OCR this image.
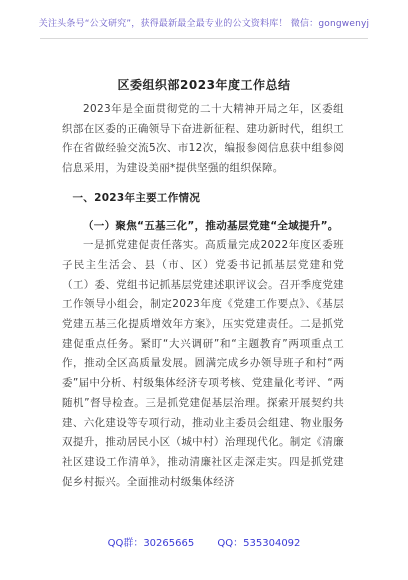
关注头条号“公文研究”，获得最新最全最专业的公文资料库！ 微信：gongwenyj
区委组织部2023年度工作总结

2023年是全面贯彻党的二十大精神开局之年，区委组织部在区委的正确领导下奋进新征程、建功新时代，组织工作在省做经验交流5次、市12次，编报参阅信息获中组参阅信息采用，为建设美丽*提供坚强的组织保障。

一、2023年主要工作情况

（一）聚焦“五基三化”，推动基层党建“全域提升”。

一是抓党建促责任落实。高质量完成2022年度区委班子民主生活会、县（市、区）党委书记抓基层党建和党（工）委、党组书记抓基层党建述职评议会。召开季度党建工作领导小组会，制定2023年度《党建工作要点》、《基层党建五基三化提质增效年方案》，压实党建责任。二是抓党建促重点任务。紧盯“大兴调研”和“主题教育”两项重点工作，推动全区高质量发展。圆满完成乡办领导班子和村“两委”届中分析、村级集体经济专项考核、党建量化考评、“两随机”督导检查。三是抓党建促基层治理。探索开展契约共建、六化建设等专项行动，推动业主委员会组建、物业服务双提升，推动居民小区（城中村）治理现代化。制定《清廉社区建设工作清单》，推动清廉社区走深走实。四是抓党建促乡村振兴。全面推动村级集体经济

QQ群：30265665 QQ：535304092
